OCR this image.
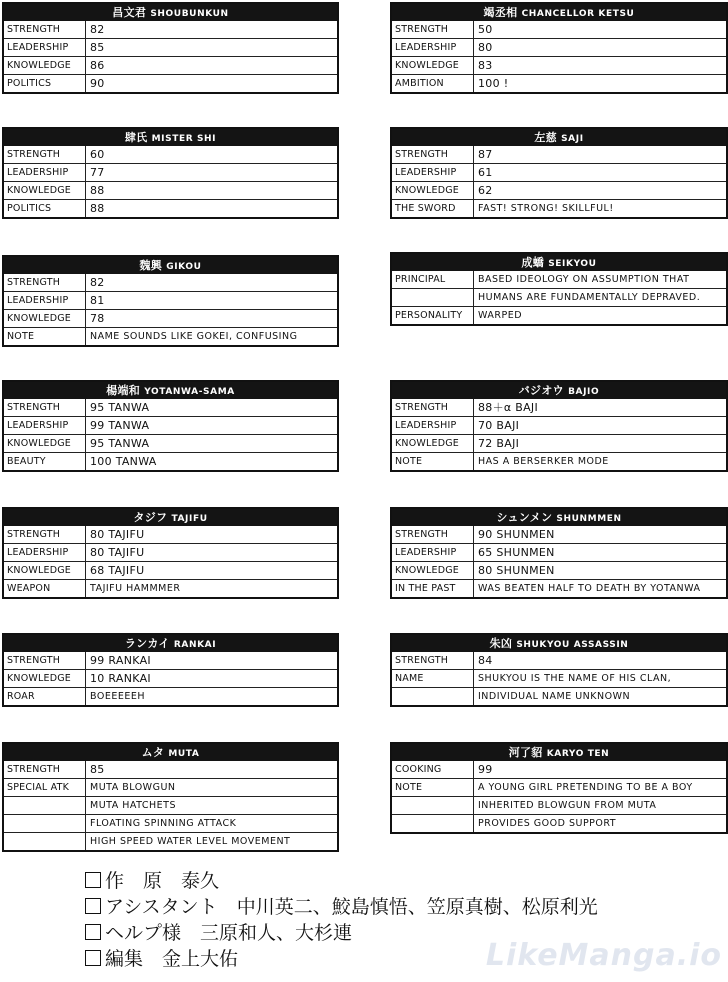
昌文君 SHOUBUNKUN
STRENGTH	82
LEADERSHIP	85
KNOWLEDGE	86
POLITICS	90
竭丞相 CHANCELLOR KETSU
STRENGTH	50
LEADERSHIP	80
KNOWLEDGE	83
AMBITION	100 !
肆氏 MISTER SHI
STRENGTH	60
LEADERSHIP	77
KNOWLEDGE	88
POLITICS	88
左慈 SAJI
STRENGTH	87
LEADERSHIP	61
KNOWLEDGE	62
THE SWORD	FAST! STRONG! SKILLFUL!
魏興 GIKOU
STRENGTH	82
LEADERSHIP	81
KNOWLEDGE	78
NOTE	NAME SOUNDS LIKE GOKEI, CONFUSING
成蟜 SEIKYOU
PRINCIPAL	BASED IDEOLOGY ON ASSUMPTION THAT
HUMANS ARE FUNDAMENTALLY DEPRAVED.
PERSONALITY	WARPED
楊端和 YOTANWA-SAMA
STRENGTH	95 TANWA
LEADERSHIP	99 TANWA
KNOWLEDGE	95 TANWA
BEAUTY	100 TANWA
バジオウ BAJIO
STRENGTH	88＋α BAJI
LEADERSHIP	70 BAJI
KNOWLEDGE	72 BAJI
NOTE	HAS A BERSERKER MODE
タジフ TAJIFU
STRENGTH	80 TAJIFU
LEADERSHIP	80 TAJIFU
KNOWLEDGE	68 TAJIFU
WEAPON	TAJIFU HAMMMER
シュンメン SHUNMMEN
STRENGTH	90 SHUNMEN
LEADERSHIP	65 SHUNMEN
KNOWLEDGE	80 SHUNMEN
IN THE PAST	WAS BEATEN HALF TO DEATH BY YOTANWA
ランカイ RANKAI
STRENGTH	99 RANKAI
KNOWLEDGE	10 RANKAI
ROAR	BOEEEEEH
朱凶 SHUKYOU ASSASSIN
STRENGTH	84
NAME	SHUKYOU IS THE NAME OF HIS CLAN,
INDIVIDUAL NAME UNKNOWN
ムタ MUTA
STRENGTH	85
SPECIAL ATK	MUTA BLOWGUN
MUTA HATCHETS
FLOATING SPINNING ATTACK
HIGH SPEED WATER LEVEL MOVEMENT
河了貂 KARYO TEN
COOKING	99
NOTE	A YOUNG GIRL PRETENDING TO BE A BOY
INHERITED BLOWGUN FROM MUTA
PROVIDES GOOD SUPPORT
作　 原　泰久
アシスタント　 中川英二、鮫島慎悟、笠原真樹、松原利光
ヘルプ様　 三原和人、大杉連
編集　 金上大佑	LikeManga.io
